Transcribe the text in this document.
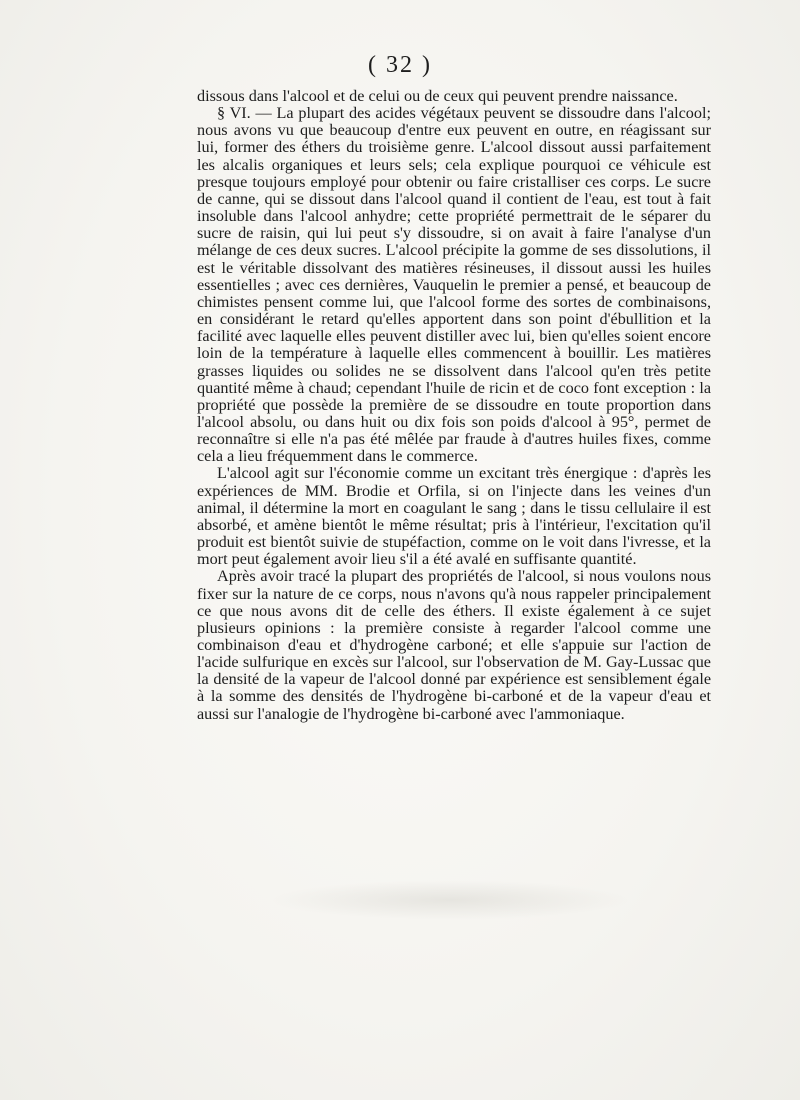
( 32 )

dissous dans l'alcool et de celui ou de ceux qui peuvent prendre naissance.

§ VI. — La plupart des acides végétaux peuvent se dissoudre dans l'alcool; nous avons vu que beaucoup d'entre eux peuvent en outre, en réagissant sur lui, former des éthers du troisième genre. L'alcool dissout aussi parfaitement les alcalis organiques et leurs sels; cela explique pourquoi ce véhicule est presque toujours employé pour obtenir ou faire cristalliser ces corps. Le sucre de canne, qui se dissout dans l'alcool quand il contient de l'eau, est tout à fait insoluble dans l'alcool anhydre; cette propriété permettrait de le séparer du sucre de raisin, qui lui peut s'y dissoudre, si on avait à faire l'analyse d'un mélange de ces deux sucres. L'alcool précipite la gomme de ses dissolutions, il est le véritable dissolvant des matières résineuses, il dissout aussi les huiles essentielles ; avec ces dernières, Vauquelin le premier a pensé, et beaucoup de chimistes pensent comme lui, que l'alcool forme des sortes de combinaisons, en considérant le retard qu'elles apportent dans son point d'ébullition et la facilité avec laquelle elles peuvent distiller avec lui, bien qu'elles soient encore loin de la température à laquelle elles commencent à bouillir. Les matières grasses liquides ou solides ne se dissolvent dans l'alcool qu'en très petite quantité même à chaud; cependant l'huile de ricin et de coco font exception : la propriété que possède la première de se dissoudre en toute proportion dans l'alcool absolu, ou dans huit ou dix fois son poids d'alcool à 95°, permet de reconnaître si elle n'a pas été mêlée par fraude à d'autres huiles fixes, comme cela a lieu fréquemment dans le commerce.

L'alcool agit sur l'économie comme un excitant très énergique : d'après les expériences de MM. Brodie et Orfila, si on l'injecte dans les veines d'un animal, il détermine la mort en coagulant le sang ; dans le tissu cellulaire il est absorbé, et amène bientôt le même résultat; pris à l'intérieur, l'excitation qu'il produit est bientôt suivie de stupéfaction, comme on le voit dans l'ivresse, et la mort peut également avoir lieu s'il a été avalé en suffisante quantité.

Après avoir tracé la plupart des propriétés de l'alcool, si nous voulons nous fixer sur la nature de ce corps, nous n'avons qu'à nous rappeler principalement ce que nous avons dit de celle des éthers. Il existe également à ce sujet plusieurs opinions : la première consiste à regarder l'alcool comme une combinaison d'eau et d'hydrogène carboné; et elle s'appuie sur l'action de l'acide sulfurique en excès sur l'alcool, sur l'observation de M. Gay-Lussac que la densité de la vapeur de l'alcool donné par expérience est sensiblement égale à la somme des densités de l'hydrogène bi-carboné et de la vapeur d'eau et aussi sur l'analogie de l'hydrogène bi-carboné avec l'ammoniaque.
